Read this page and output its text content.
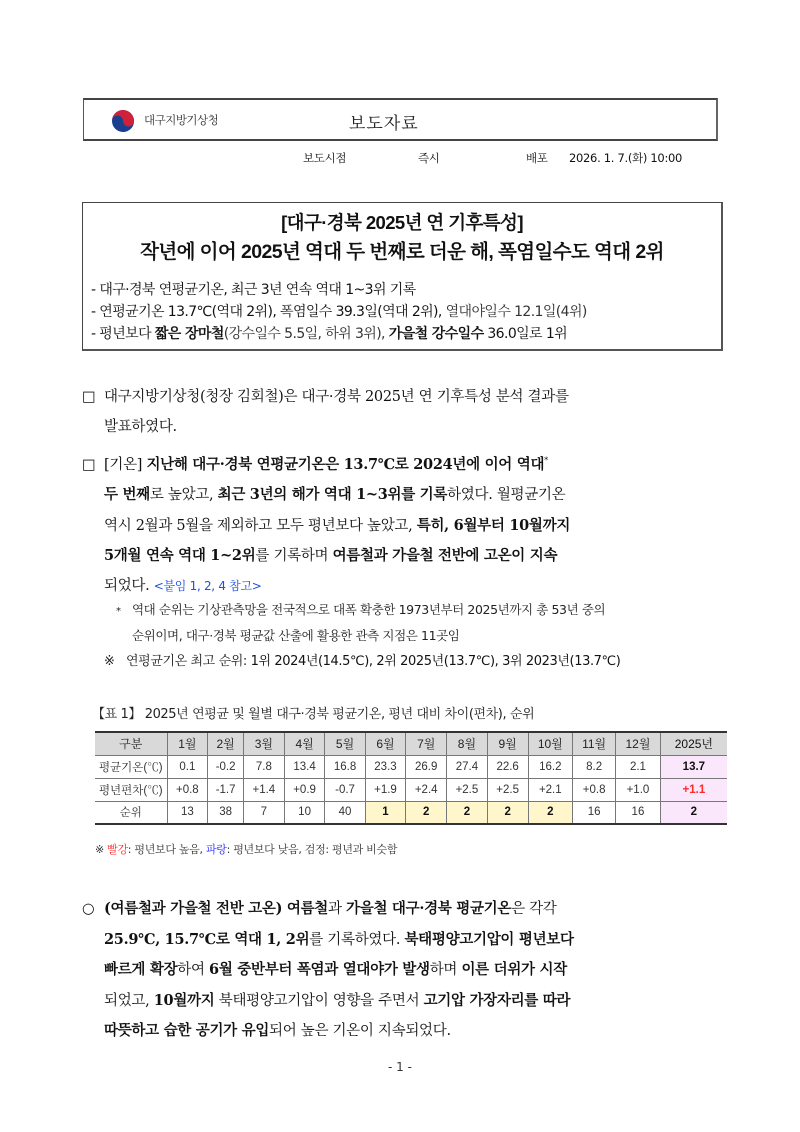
대구지방기상청	보도자료
보도시점	즉시	배포 2026. 1. 7.(화) 10:00
[대구·경북 2025년 연 기후특성]
작년에 이어 2025년 역대 두 번째로 더운 해, 폭염일수도 역대 2위
- 대구·경북 연평균기온, 최근 3년 연속 역대 1~3위 기록
- 연평균기온 13.7℃(역대 2위), 폭염일수 39.3일(역대 2위), 열대야일수 12.1일(4위)
- 평년보다 짧은 장마철(강수일수 5.5일, 하위 3위), 가을철 강수일수 36.0일로 1위
□ 대구지방기상청(청장 김회철)은 대구·경북 2025년 연 기후특성 분석 결과를
발표하였다.
□ [기온] 지난해 대구·경북 연평균기온은 13.7℃로 2024년에 이어 역대*
두 번째로 높았고, 최근 3년의 해가 역대 1~3위를 기록하였다. 월평균기온
역시 2월과 5월을 제외하고 모두 평년보다 높았고, 특히, 6월부터 10월까지
5개월 연속 역대 1~2위를 기록하며 여름철과 가을철 전반에 고온이 지속
되었다. <붙임 1, 2, 4 참고>
* 역대 순위는 기상관측망을 전국적으로 대폭 확충한 1973년부터 2025년까지 총 53년 중의
순위이며, 대구·경북 평균값 산출에 활용한 관측 지점은 11곳임
※ 연평균기온 최고 순위: 1위 2024년(14.5℃), 2위 2025년(13.7℃), 3위 2023년(13.7℃)
【표 1】 2025년 연평균 및 월별 대구·경북 평균기온, 평년 대비 차이(편차), 순위
구분	1월	2월	3월	4월	5월	6월	7월	8월	9월	10월	11월	12월	2025년
평균기온(℃)	0.1	-0.2	7.8	13.4	16.8	23.3	26.9	27.4	22.6	16.2	8.2	2.1	13.7
평년편차(℃)	+0.8	-1.7	+1.4	+0.9	-0.7	+1.9	+2.4	+2.5	+2.5	+2.1	+0.8	+1.0	+1.1
순위	13	38	7	10	40	1	2	2	2	2	16	16	2
※ 빨강: 평년보다 높음, 파랑: 평년보다 낮음, 검정: 평년과 비슷함
○ (여름철과 가을철 전반 고온) 여름철과 가을철 대구·경북 평균기온은 각각
25.9℃, 15.7℃로 역대 1, 2위를 기록하였다. 북태평양고기압이 평년보다
빠르게 확장하여 6월 중반부터 폭염과 열대야가 발생하며 이른 더위가 시작
되었고, 10월까지 북태평양고기압이 영향을 주면서 고기압 가장자리를 따라
따뜻하고 습한 공기가 유입되어 높은 기온이 지속되었다.
- 1 -
